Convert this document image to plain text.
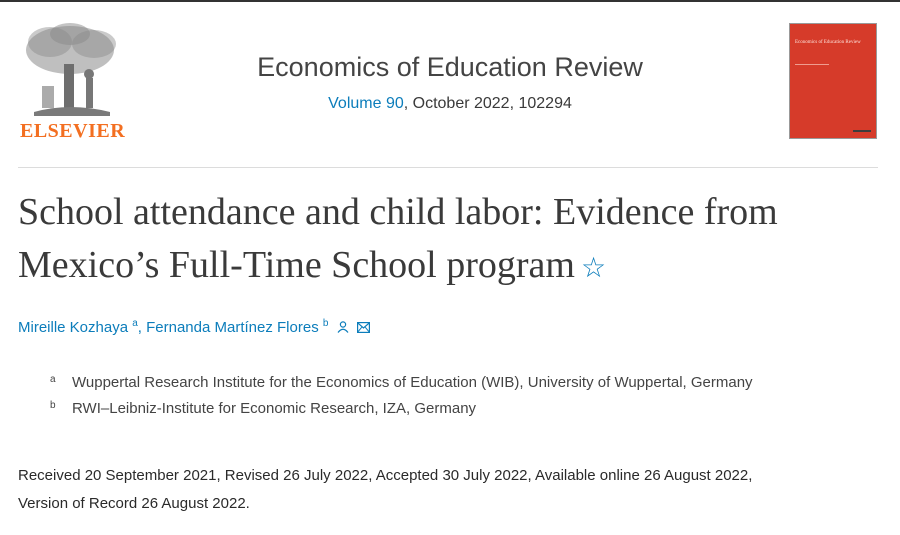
ELSEVIER
Economics of Education Review
Volume 90, October 2022, 102294
Economics of Education Review
School attendance and child labor: Evidence from Mexico’s Full-Time School program ☆
Mireille Kozhaya $^a$, Fernanda Martínez Flores $^b$
a Wuppertal Research Institute for the Economics of Education (WIB), University of Wuppertal, Germany
b RWI–Leibniz-Institute for Economic Research, IZA, Germany
Received 20 September 2021, Revised 26 July 2022, Accepted 30 July 2022, Available online 26 August 2022,
Version of Record 26 August 2022.
